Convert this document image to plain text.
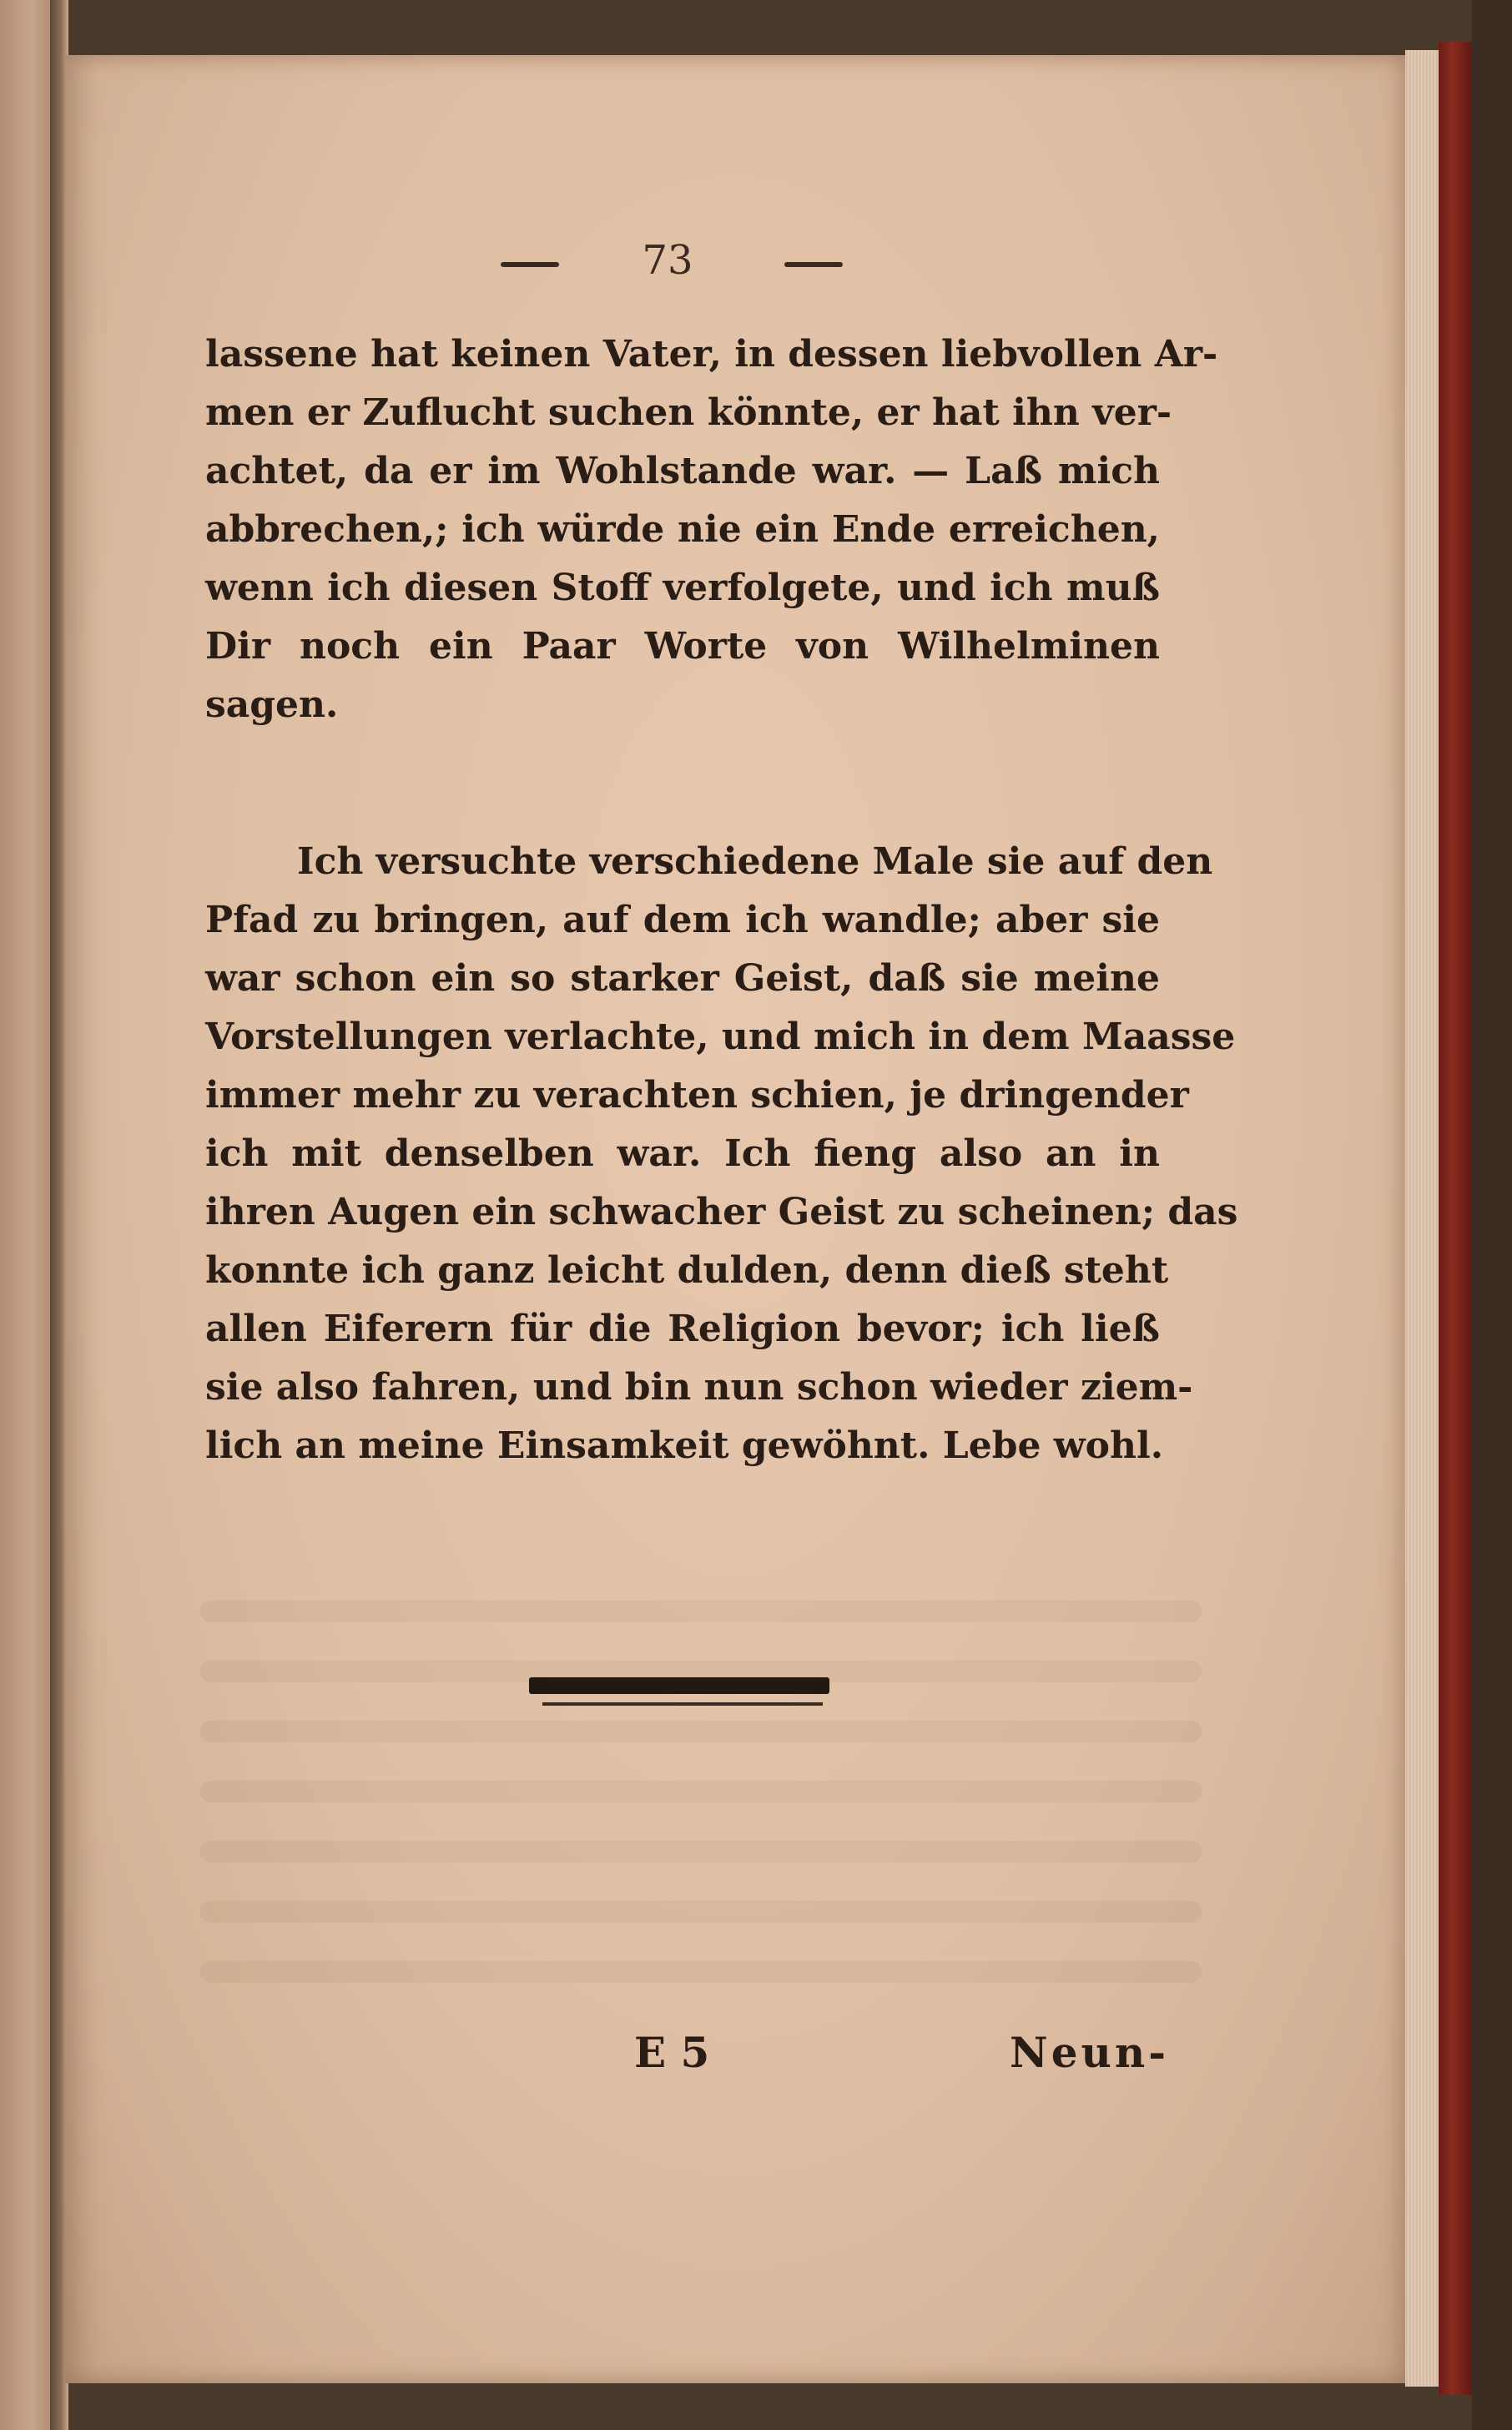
73
lassene hat keinen Vater, in dessen liebvollen Ar-
men er Zuflucht suchen könnte, er hat ihn ver-
achtet, da er im Wohlstande war. — Laß mich
abbrechen,; ich würde nie ein Ende erreichen,
wenn ich diesen Stoff verfolgete, und ich muß
Dir noch ein Paar Worte von Wilhelminen
sagen.
Ich versuchte verschiedene Male sie auf den
Pfad zu bringen, auf dem ich wandle; aber sie
war schon ein so starker Geist, daß sie meine
Vorstellungen verlachte, und mich in dem Maasse
immer mehr zu verachten schien, je dringender
ich mit denselben war. Ich fieng also an in
ihren Augen ein schwacher Geist zu scheinen; das
konnte ich ganz leicht dulden, denn dieß steht
allen Eiferern für die Religion bevor; ich ließ
sie also fahren, und bin nun schon wieder ziem-
lich an meine Einsamkeit gewöhnt. Lebe wohl.
E 5	Neun-
